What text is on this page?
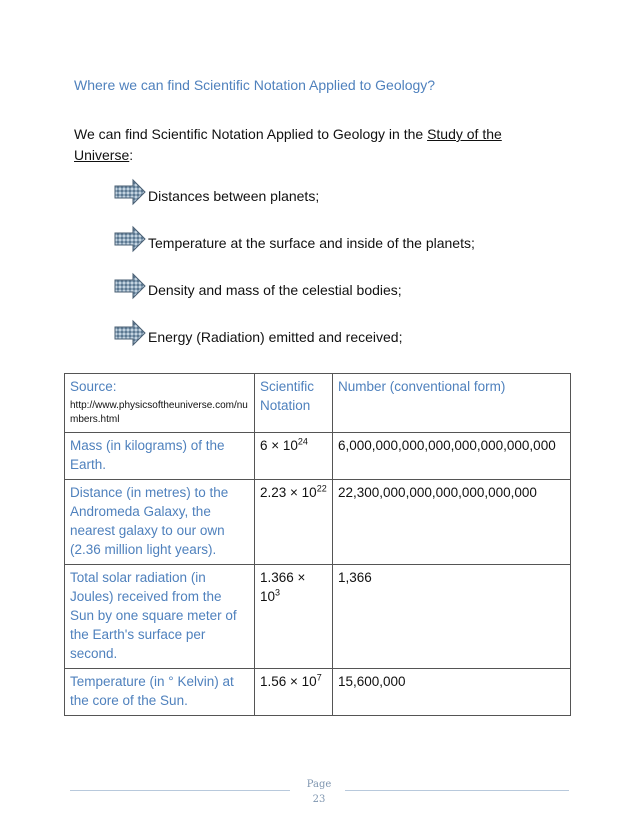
Where we can find Scientific Notation Applied to Geology?
We can find Scientific Notation Applied to Geology in the Study of the Universe:
Distances between planets;
Temperature at the surface and inside of the planets;
Density and mass of the celestial bodies;
Energy (Radiation) emitted and received;
Source:
http://www.physicsoftheuniverse.com/numbers.html	Scientific Notation	Number (conventional form)
Mass (in kilograms) of the Earth.	$6 \times 10^{24}$	6,000,000,000,000,000,000,000,000
Distance (in metres) to the Andromeda Galaxy, the nearest galaxy to our own (2.36 million light years).	$2.23 \times 10^{22}$	22,300,000,000,000,000,000,000
Total solar radiation (in Joules) received from the Sun by one square meter of the Earth's surface per second.	$1.366 \times 10^3$	1,366
Temperature (in ° Kelvin) at the core of the Sun.	$1.56 \times 10^7$	15,600,000
Page
23
